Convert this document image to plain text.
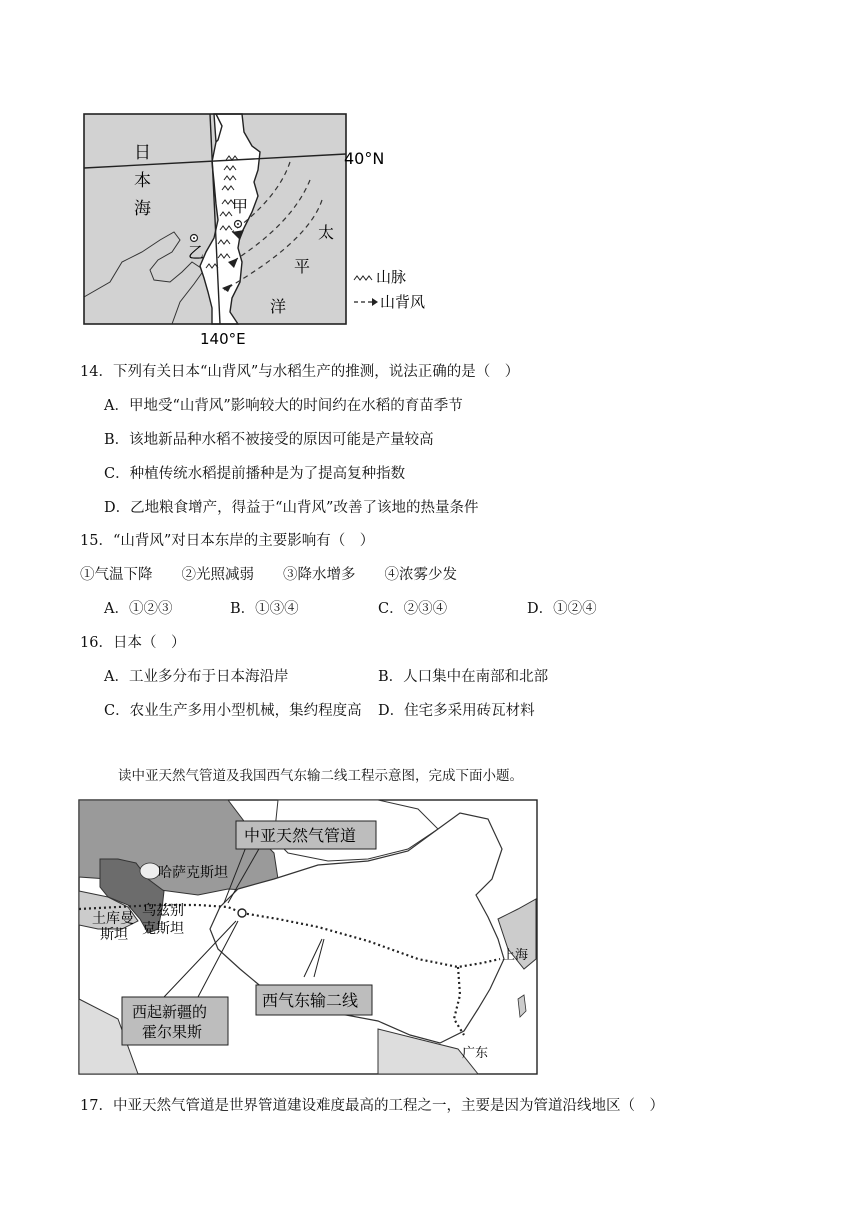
日
本
海
40°N
140°E
甲
乙
太
平
洋
山脉
山背风
14．下列有关日本“山背风”与水稻生产的推测，说法正确的是（　）
A．甲地受“山背风”影响较大的时间约在水稻的育苗季节
B．该地新品种水稻不被接受的原因可能是产量较高
C．种植传统水稻提前播种是为了提高复种指数
D．乙地粮食增产，得益于“山背风”改善了该地的热量条件
15．“山背风”对日本东岸的主要影响有（　）
①气温下降　　②光照减弱　　③降水增多　　④浓雾少发
A．①②③	B．①③④	C．②③④	D．①②④
16．日本（　）
A．工业多分布于日本海沿岸	B．人口集中在南部和北部
C．农业生产多用小型机械，集约程度高 D．住宅多采用砖瓦材料
读中亚天然气管道及我国西气东输二线工程示意图，完成下面小题。
中亚天然气管道
西起新疆的
霍尔果斯
西气东输二线
哈萨克斯坦
土库曼
斯坦
乌兹别
克斯坦
上海
广东
17．中亚天然气管道是世界管道建设难度最高的工程之一，主要是因为管道沿线地区（　）
